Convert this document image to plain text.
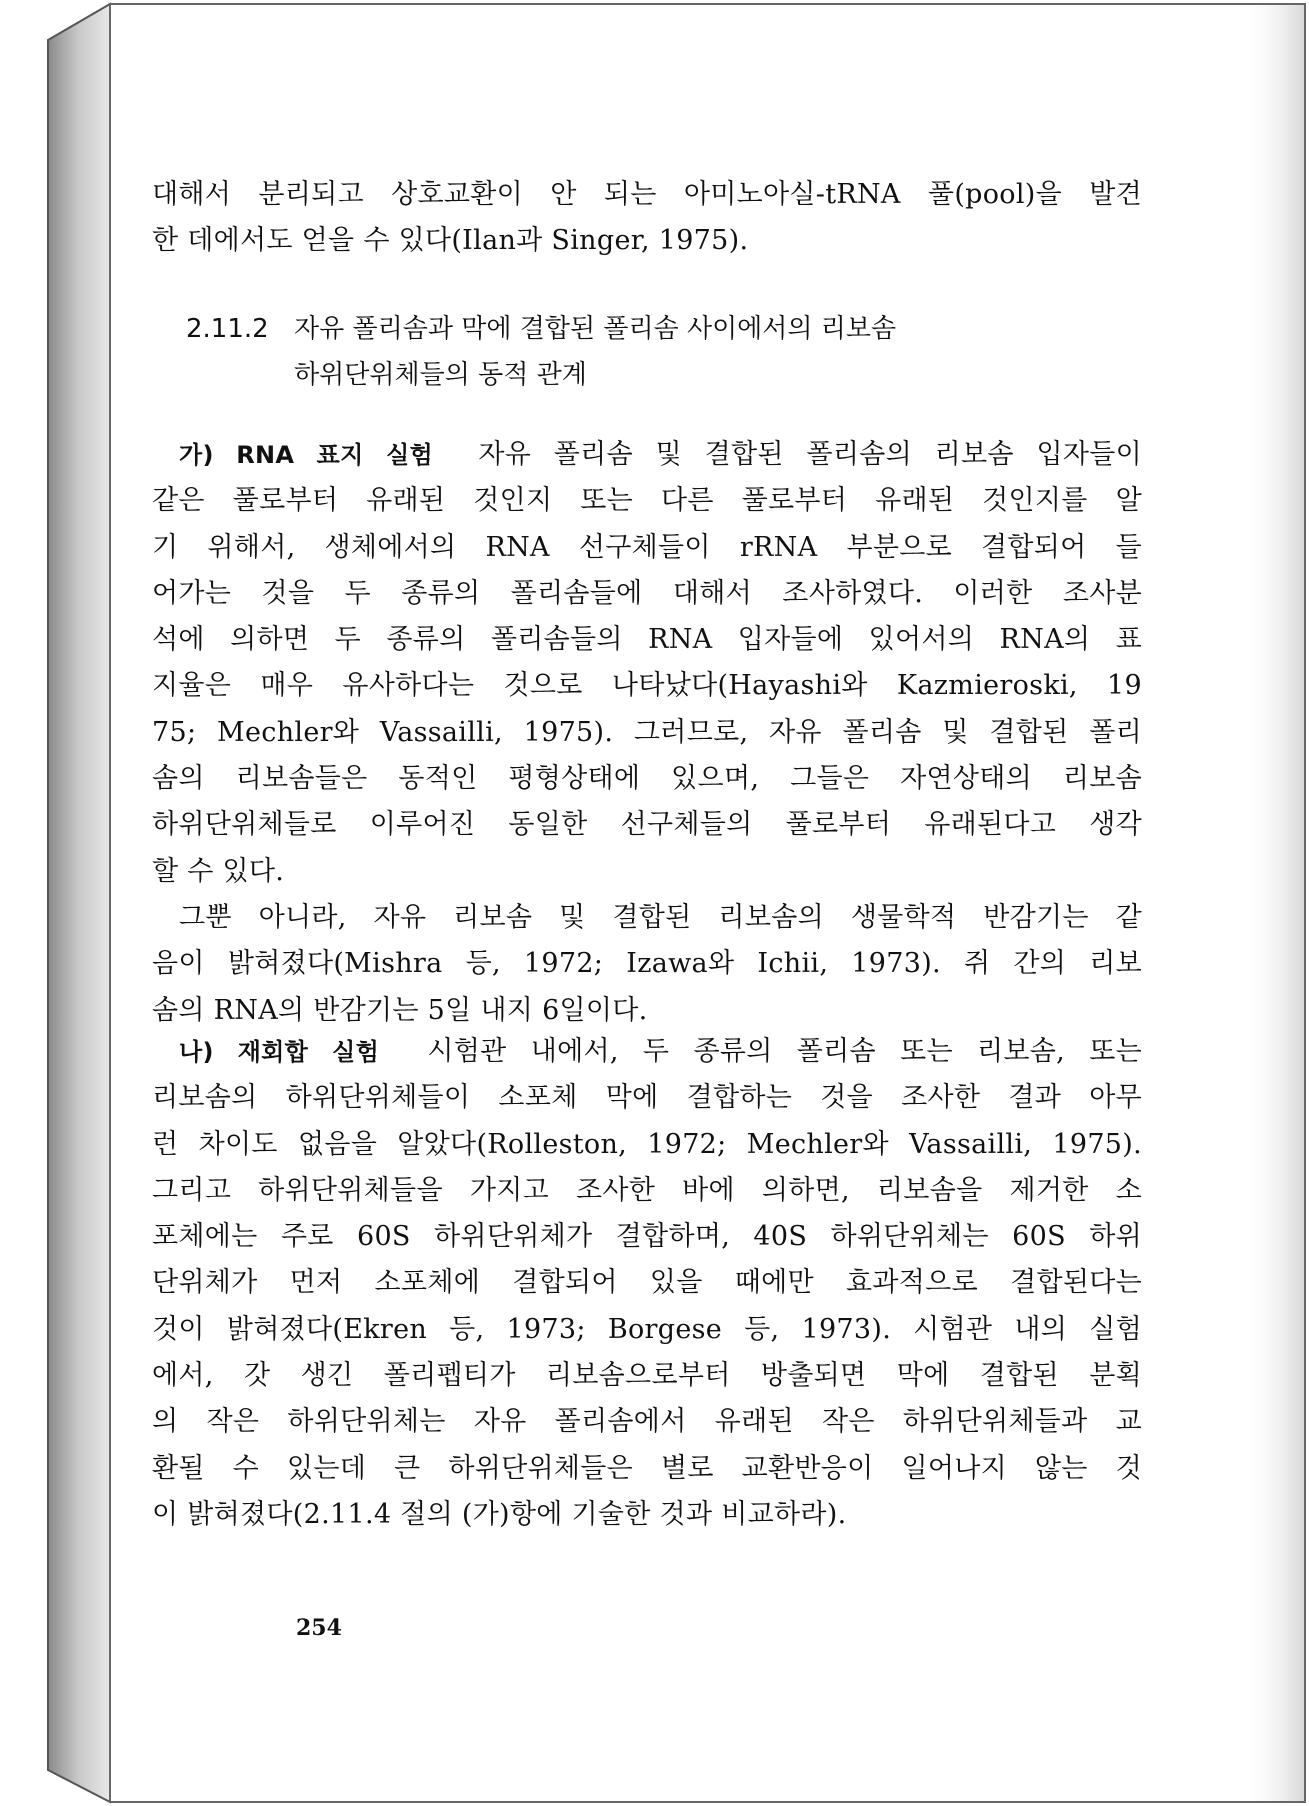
대해서 분리되고 상호교환이 안 되는 아미노아실-tRNA 풀(pool)을 발견
한 데에서도 얻을 수 있다(Ilan과 Singer, 1975).

2.11.2 자유 폴리솜과 막에 결합된 폴리솜 사이에서의 리보솜
하위단위체들의 동적 관계

가) RNA 표지 실험 자유 폴리솜 및 결합된 폴리솜의 리보솜 입자들이
같은 풀로부터 유래된 것인지 또는 다른 풀로부터 유래된 것인지를 알
기 위해서, 생체에서의 RNA 선구체들이 rRNA 부분으로 결합되어 들
어가는 것을 두 종류의 폴리솜들에 대해서 조사하였다. 이러한 조사분
석에 의하면 두 종류의 폴리솜들의 RNA 입자들에 있어서의 RNA의 표
지율은 매우 유사하다는 것으로 나타났다(Hayashi와 Kazmieroski, 19
75; Mechler와 Vassailli, 1975). 그러므로, 자유 폴리솜 및 결합된 폴리
솜의 리보솜들은 동적인 평형상태에 있으며, 그들은 자연상태의 리보솜
하위단위체들로 이루어진 동일한 선구체들의 풀로부터 유래된다고 생각
할 수 있다.

그뿐 아니라, 자유 리보솜 및 결합된 리보솜의 생물학적 반감기는 같
음이 밝혀졌다(Mishra 등, 1972; Izawa와 Ichii, 1973). 쥐 간의 리보
솜의 RNA의 반감기는 5일 내지 6일이다.

나) 재회합 실험 시험관 내에서, 두 종류의 폴리솜 또는 리보솜, 또는
리보솜의 하위단위체들이 소포체 막에 결합하는 것을 조사한 결과 아무
런 차이도 없음을 알았다(Rolleston, 1972; Mechler와 Vassailli, 1975).
그리고 하위단위체들을 가지고 조사한 바에 의하면, 리보솜을 제거한 소
포체에는 주로 60S 하위단위체가 결합하며, 40S 하위단위체는 60S 하위
단위체가 먼저 소포체에 결합되어 있을 때에만 효과적으로 결합된다는
것이 밝혀졌다(Ekren 등, 1973; Borgese 등, 1973). 시험관 내의 실험
에서, 갓 생긴 폴리펩티가 리보솜으로부터 방출되면 막에 결합된 분획
의 작은 하위단위체는 자유 폴리솜에서 유래된 작은 하위단위체들과 교
환될 수 있는데 큰 하위단위체들은 별로 교환반응이 일어나지 않는 것
이 밝혀졌다(2.11.4 절의 (가)항에 기술한 것과 비교하라).

254
